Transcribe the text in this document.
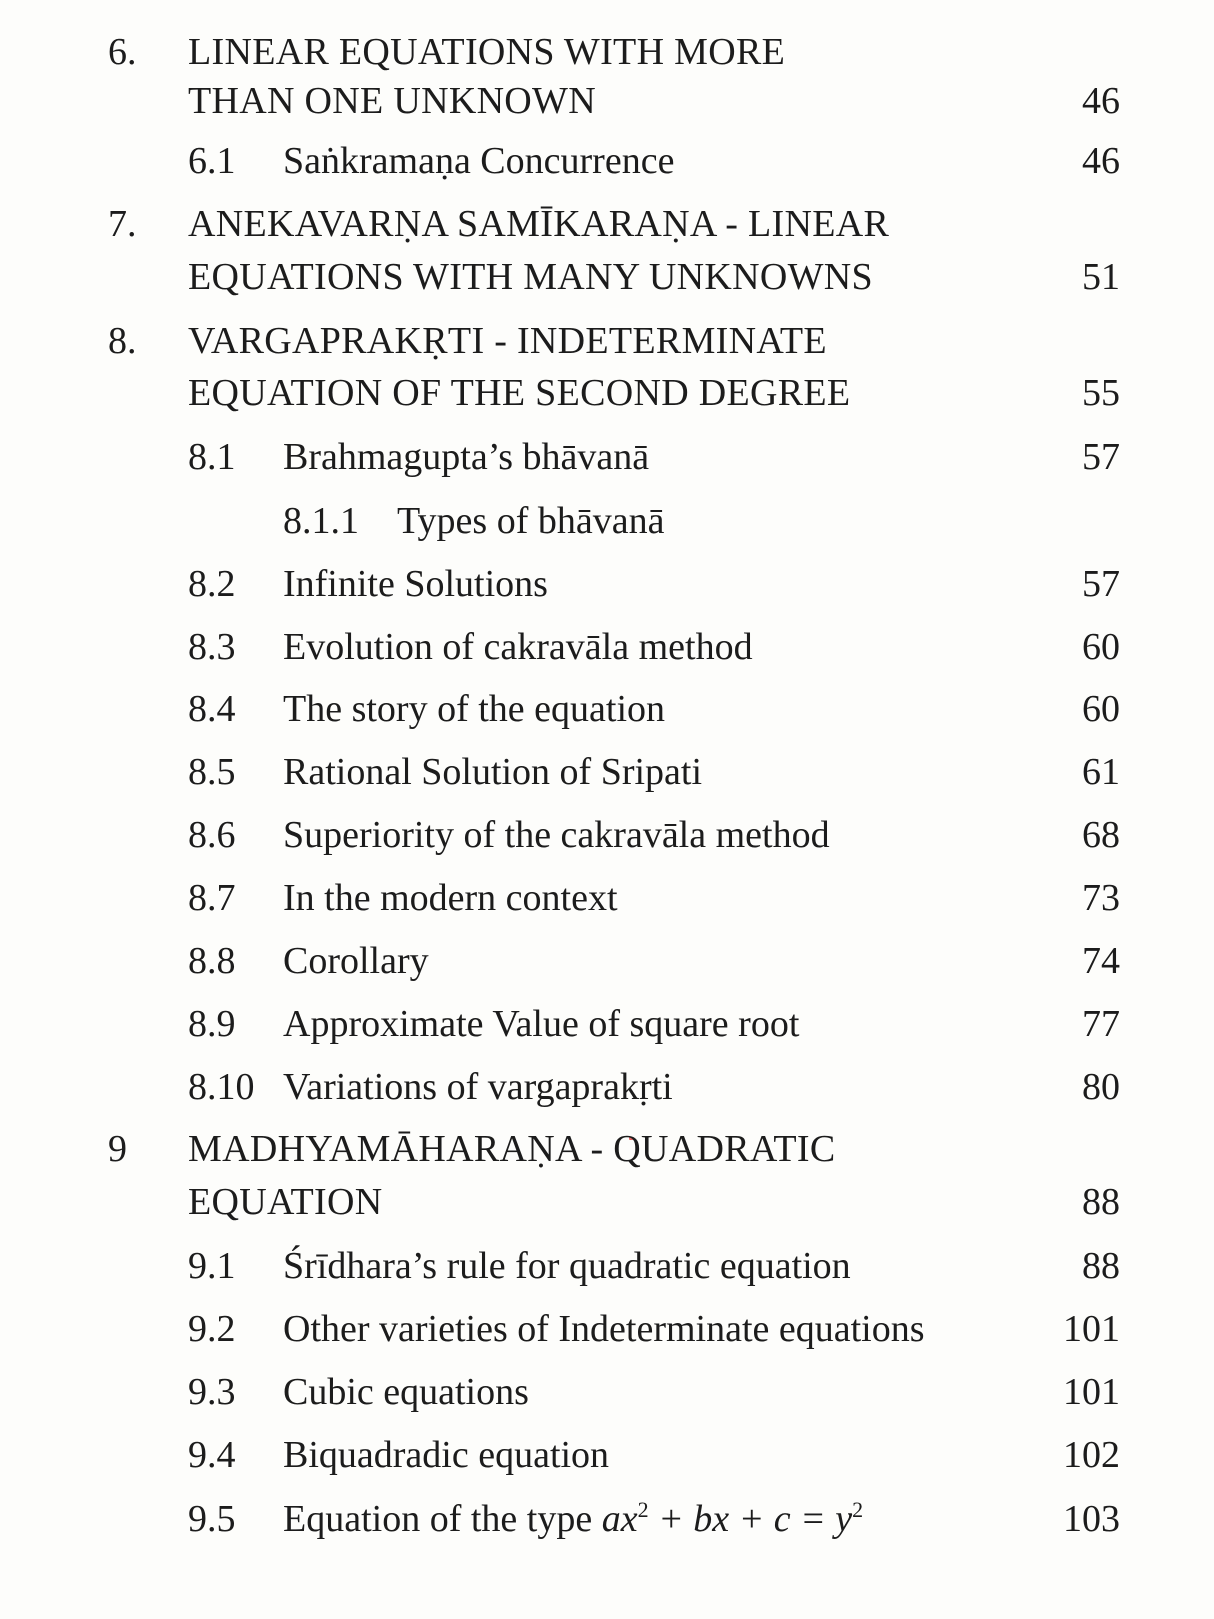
6. LINEAR EQUATIONS WITH MORE
THAN ONE UNKNOWN	46
6.1 Saṅkramaṇa Concurrence	46
7. ANEKAVARṆA SAMĪKARAṆA - LINEAR
EQUATIONS WITH MANY UNKNOWNS	51
8. VARGAPRAKṚTI - INDETERMINATE
EQUATION OF THE SECOND DEGREE	55
8.1 Brahmagupta’s bhāvanā	57
8.1.1 Types of bhāvanā
8.2 Infinite Solutions	57
8.3 Evolution of cakravāla method	60
8.4 The story of the equation	60
8.5 Rational Solution of Sripati	61
8.6 Superiority of the cakravāla method	68
8.7 In the modern context	73
8.8 Corollary	74
8.9 Approximate Value of square root	77
8.10 Variations of vargaprakṛti	80
9 MADHYAMĀHARAṆA - QUADRATIC
EQUATION	88
9.1 Śrīdhara’s rule for quadratic equation	88
9.2 Other varieties of Indeterminate equations	101
9.3 Cubic equations	101
9.4 Biquadradic equation	102
9.5 Equation of the type $ax^2$ + bx + $c = y^2$	103
